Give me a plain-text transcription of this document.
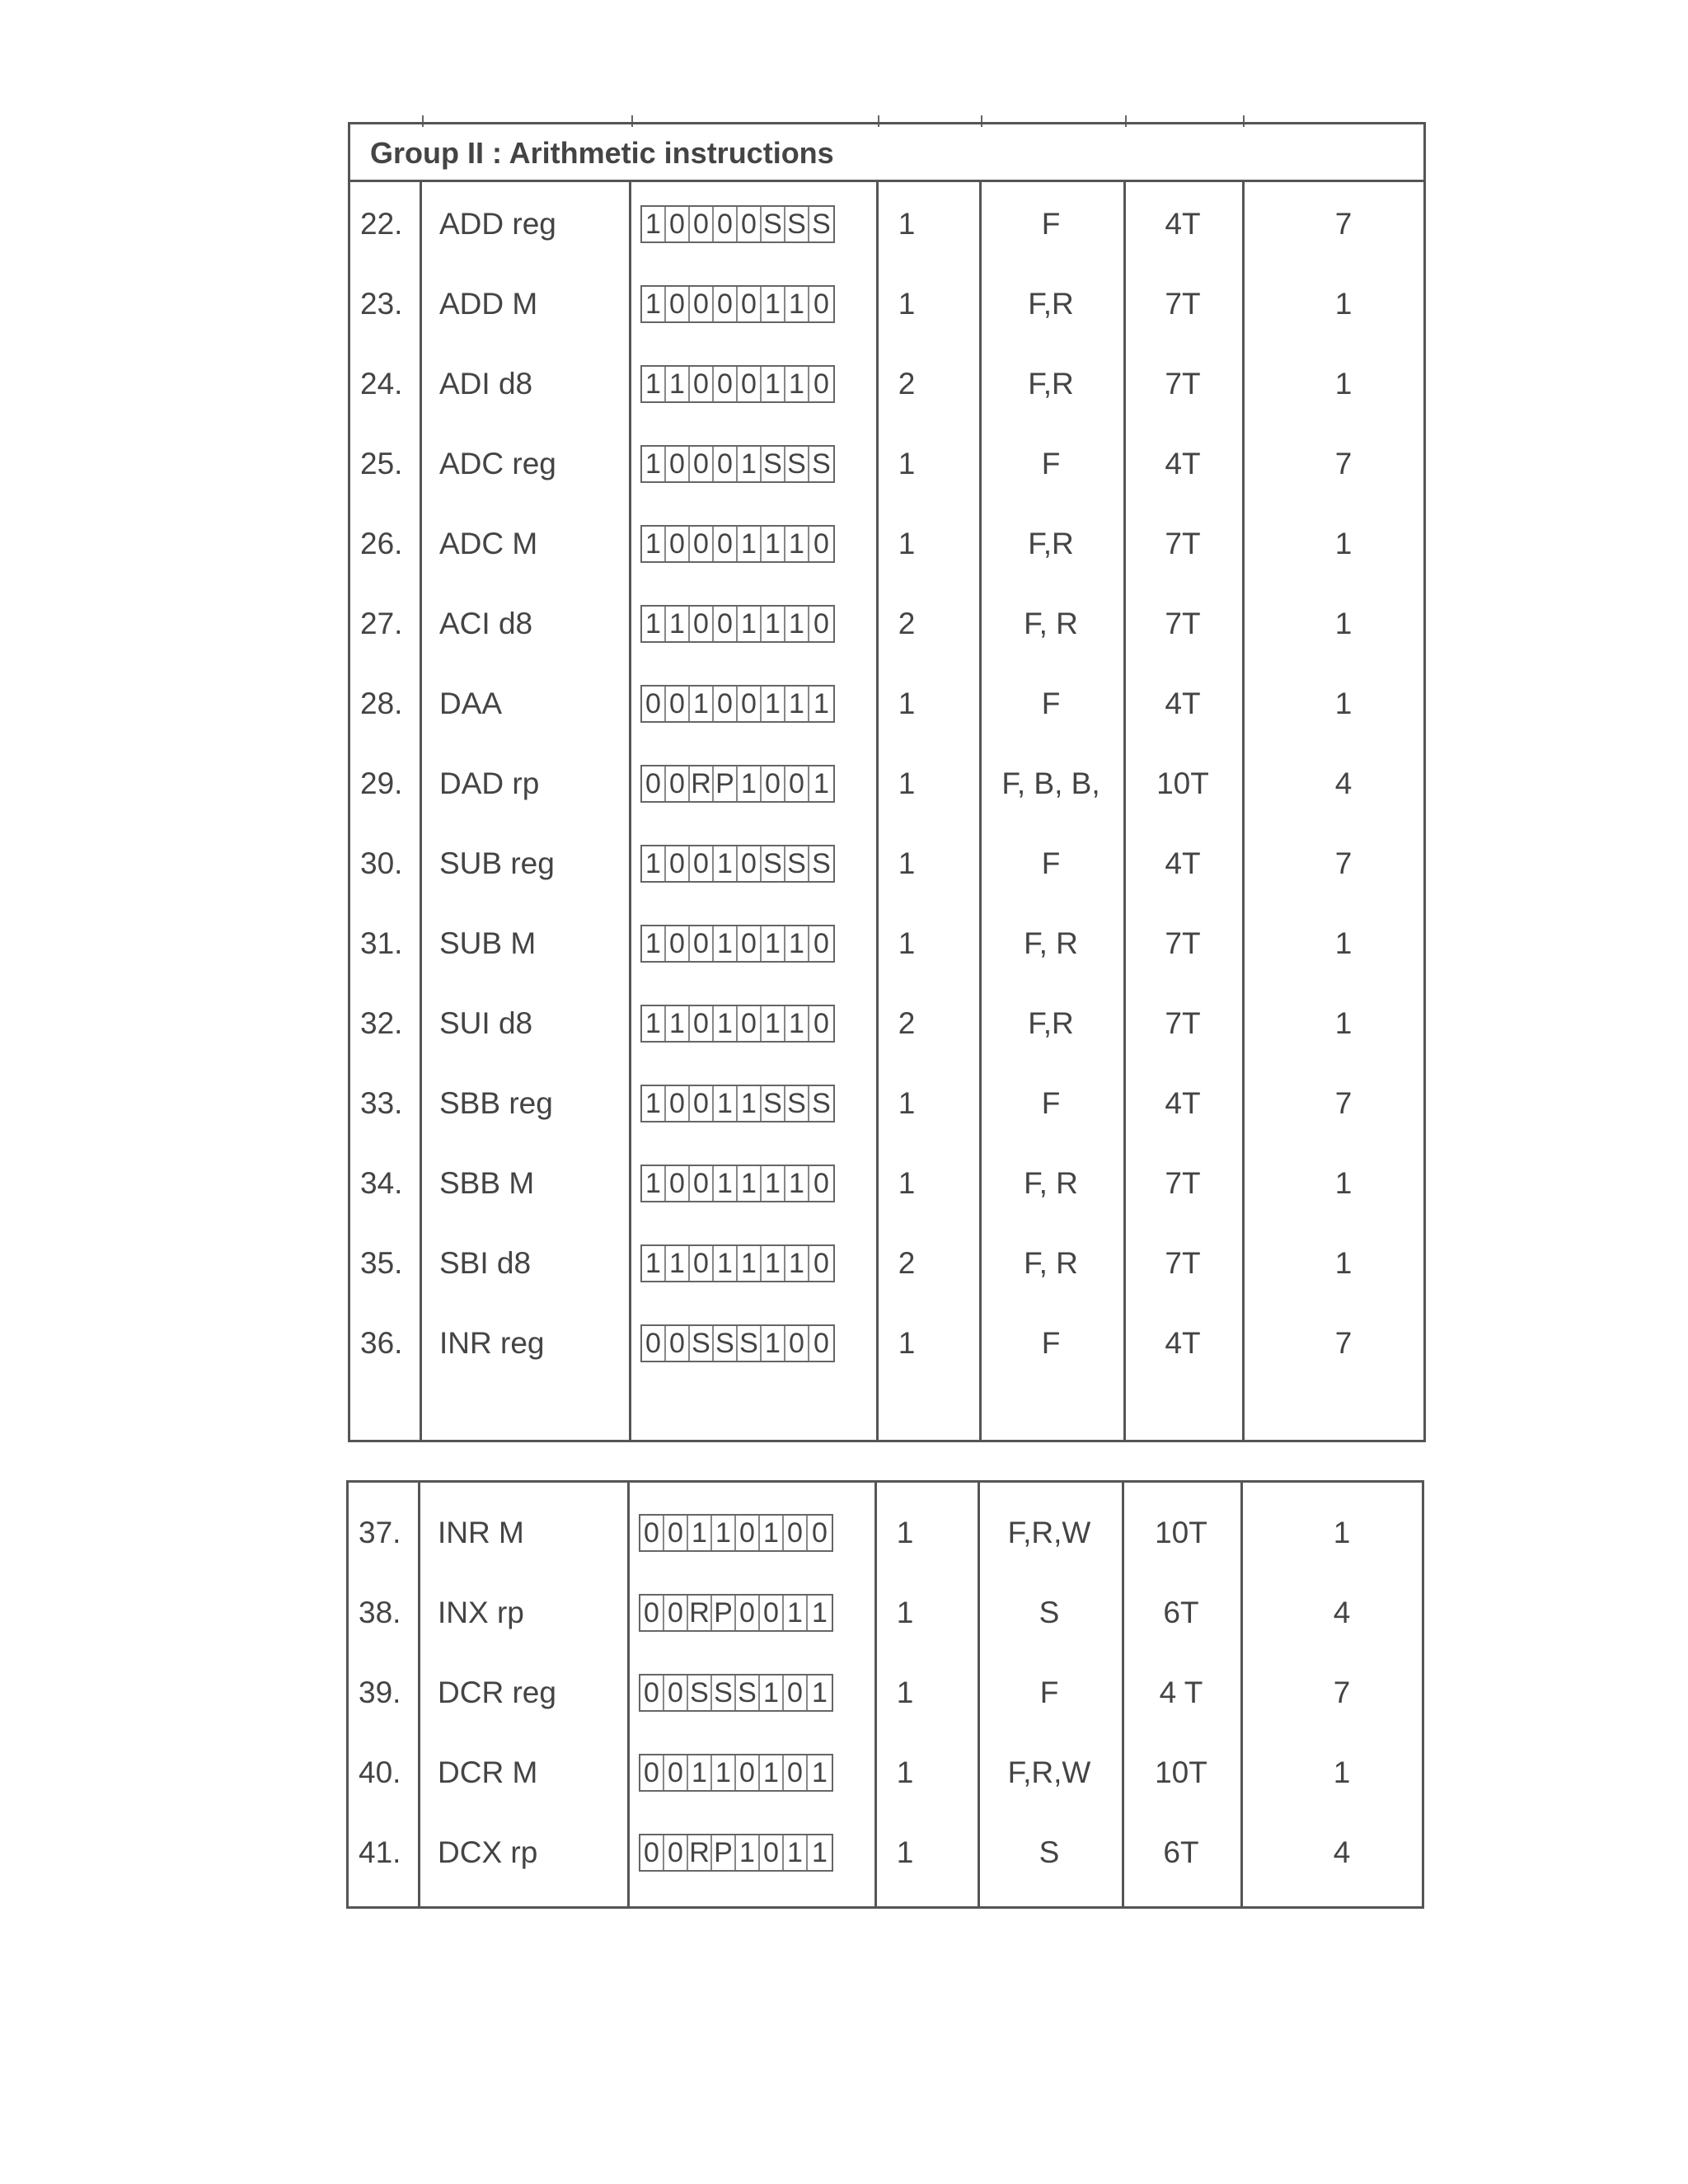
Group II : Arithmetic instructions
22.	ADD reg	1 0 0 0 0 S S S	1	F	4T	7
23.	ADD M	1 0 0 0 0 1 1 0	1	F,R	7T	1
24.	ADI d8	1 1 0 0 0 1 1 0	2	F,R	7T	1
25.	ADC reg	1 0 0 0 1 S S S	1	F	4T	7
26.	ADC M	1 0 0 0 1 1 1 0	1	F,R	7T	1
27.	ACI d8	1 1 0 0 1 1 1 0	2	F, R	7T	1
28.	DAA	0 0 1 0 0 1 1 1	1	F	4T	1
29.	DAD rp	0 0 R P 1 0 0 1	1	F, B, B,	10T	4
30.	SUB reg	1 0 0 1 0 S S S	1	F	4T	7
31.	SUB M	1 0 0 1 0 1 1 0	1	F, R	7T	1
32.	SUI d8	1 1 0 1 0 1 1 0	2	F,R	7T	1
33.	SBB reg	1 0 0 1 1 S S S	1	F	4T	7
34.	SBB M	1 0 0 1 1 1 1 0	1	F, R	7T	1
35.	SBI d8	1 1 0 1 1 1 1 0	2	F, R	7T	1
36.	INR reg	0 0 S S S 1 0 0	1	F	4T	7
37.	INR M	0 0 1 1 0 1 0 0	1	F,R,W	10T	1
38.	INX rp	0 0 R P 0 0 1 1	1	S	6T	4
39.	DCR reg	0 0 S S S 1 0 1	1	F	4 T	7
40.	DCR M	0 0 1 1 0 1 0 1	1	F,R,W	10T	1
41.	DCX rp	0 0 R P 1 0 1 1	1	S	6T	4
